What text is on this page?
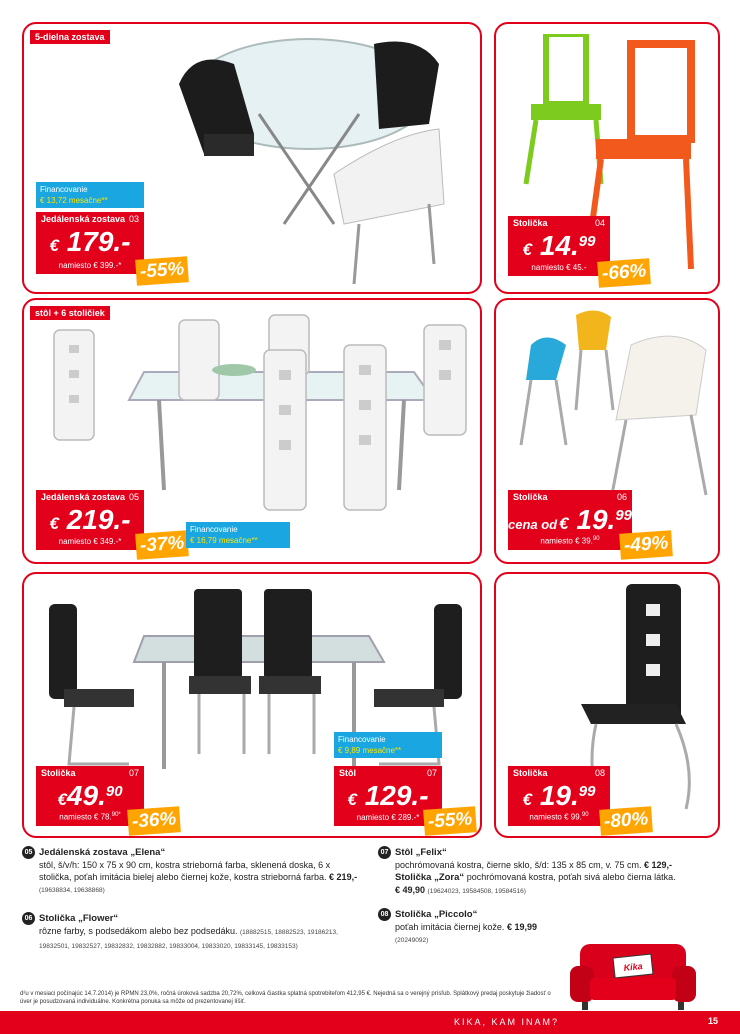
5-dielna zostava
Financovanie
€ 13,72 mesačne**
Jedálenská zostava 03
€ 179.-
namiesto € 399.-* -55%
Stolička	04
€ 14.99
namiesto € 45.- -66%
stôl + 6 stoličiek
Jedálenská zostava 05
€ 219.-
namiesto € 349.-* -37%
Financovanie
€ 16,79 mesačne**
Stolička	06
cena od € 19.99
namiesto € 39.90	-49%
Stolička	07
€49.90
namiesto € 78.$^{90*}$ -36%
Financovanie
€ 9,89 mesačne**
Stôl	07
€ 129.-
namiesto € 289.-* -55%
Stolička	08
€ 19.99
namiesto € 99.90 -80%
05 Jedálenská zostava „Elena“
stôl, š/v/h: 150 x 75 x 90 cm, kostra strieborná farba, sklenená doska, 6 x stolička, poťah imitácia bielej alebo čiernej kože, kostra strieborná farba. € 219,- (19638834, 19638868)
06 Stolička „Flower“
rôzne farby, s podsedákom alebo bez podsedáku. (18882515, 18882523, 19186213, 19832501, 19832527, 19832832, 19832882, 19833004, 19833020, 19833145, 19833153)
07 Stôl „Felix“
pochrómovaná kostra, čierne sklo, š/d: 135 x 85 cm, v. 75 cm. € 129,-
Stolička „Zora“ pochrómovaná kostra, poťah sivá alebo čierna látka.
€ 49,90 (19624023, 19584508, 19584516)
08 Stolička „Piccolo“
poťah imitácia čiernej kože. € 19,99
(20249092)
Kika
d²u v mesiaci počínajúc 14.7.2014) je RPMN 23,0%, ročná úroková sadzba 20,72%, celková čiastka splatná spotrebiteľom 412,95 €. Nejedná sa o verejný prísľub. Splátkový predaj poskytuje žiadosť o úver je posudzovaná individuálne. Konkrétna ponuka sa môže od prezentovanej líšiť.
KIKA, KAM INAM?	15
